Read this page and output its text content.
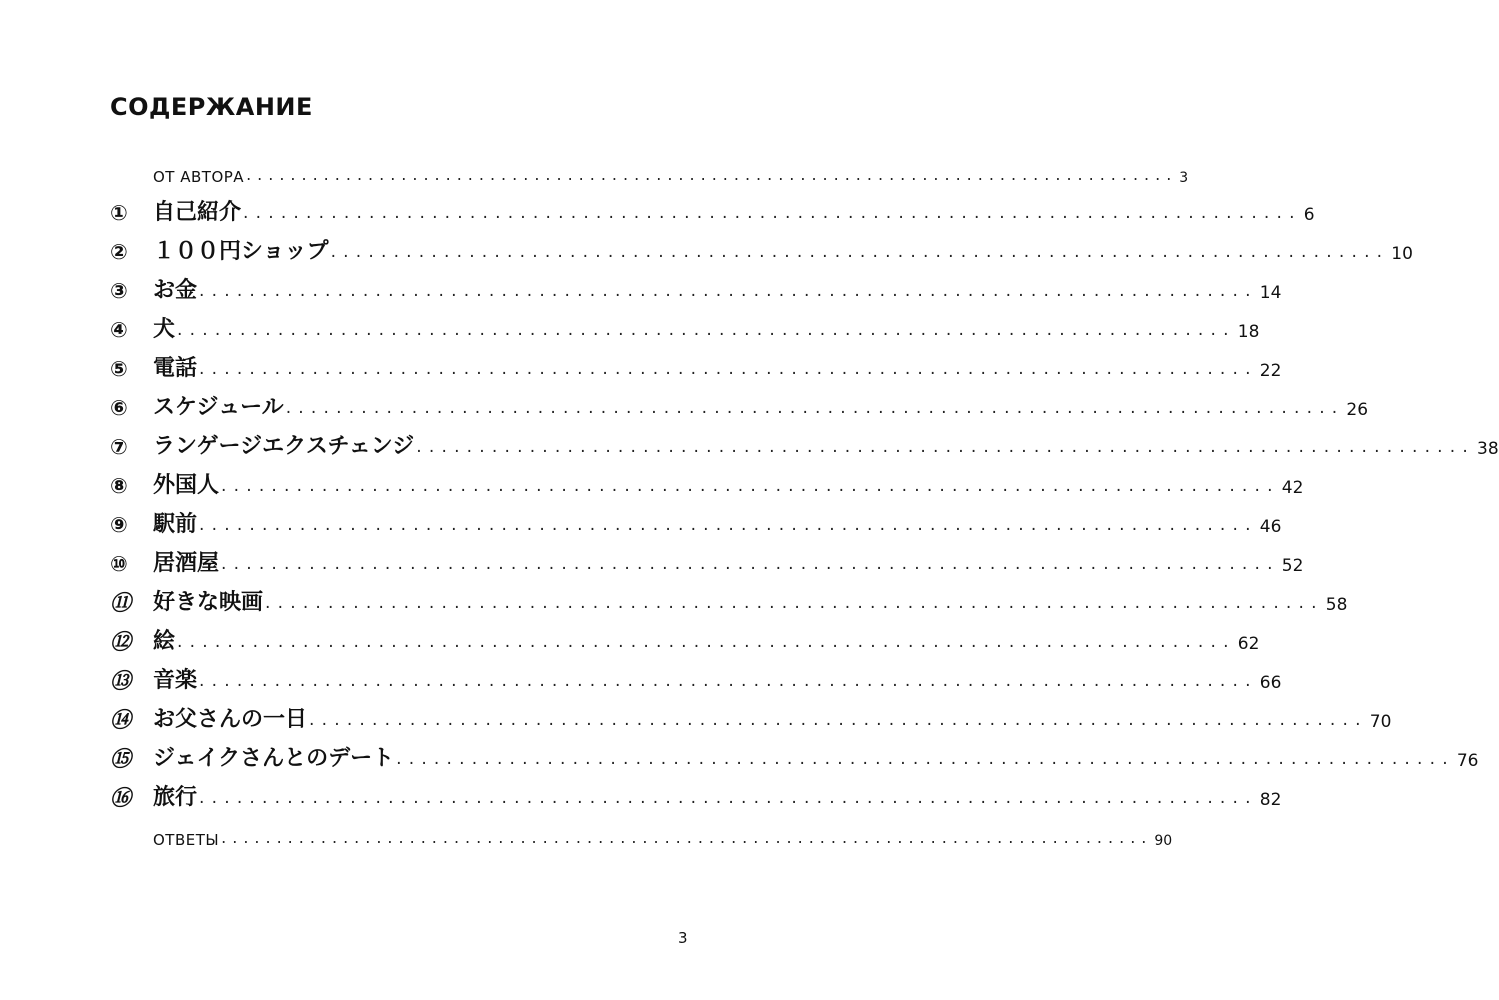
СОДЕРЖАНИЕ
ОТ АВТОРА .................................................................................... 3
①	自己紹介 .................................................................................... 6
②	１００円ショップ .................................................................................... 10
③	お金 .................................................................................... 14
④	犬 .................................................................................... 18
⑤	電話 .................................................................................... 22
⑥	スケジュール .................................................................................... 26
⑦	ランゲージエクスチェンジ .................................................................................... 38
⑧	外国人 .................................................................................... 42
⑨	駅前 .................................................................................... 46
⑩	居酒屋 .................................................................................... 52
⑪	好きな映画 .................................................................................... 58
⑫	絵 .................................................................................... 62
⑬	音楽 .................................................................................... 66
⑭	お父さんの一日 .................................................................................... 70
⑮	ジェイクさんとのデート .................................................................................... 76
⑯	旅行 .................................................................................... 82
ОТВЕТЫ .................................................................................... 90
3
